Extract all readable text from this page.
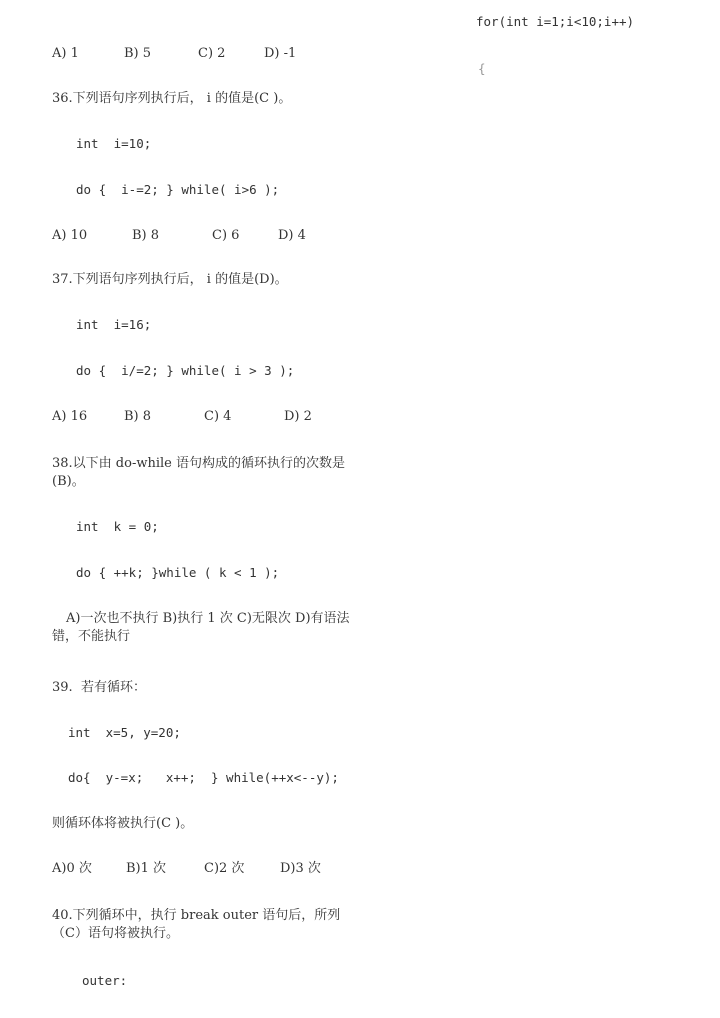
for(int i=1;i<10;i++)
{
A) 1	B) 5	C) 2	D) -1
36.下列语句序列执行后， i 的值是(C )。
int  i=10;
do {  i-=2; } while( i>6 );
A) 10	B) 8	C) 6	D) 4
37.下列语句序列执行后， i 的值是(D)。
int  i=16;
do {  i/=2; } while( i > 3 );
A) 16	B) 8	C) 4	D) 2
38.以下由 do-while 语句构成的循环执行的次数是(B)。
int  k = 0;
do { ++k; }while ( k < 1 );
A)一次也不执行 B)执行 1 次 C)无限次 D)有语法错，不能执行
39.  若有循环：
int  x=5, y=20;
do{  y-=x;   x++;  } while(++x<--y);
则循环体将被执行(C )。
A)0 次	B)1 次	C)2 次	D)3 次
40.下列循环中，执行 break outer 语句后，所列（C）语句将被执行。
outer:
